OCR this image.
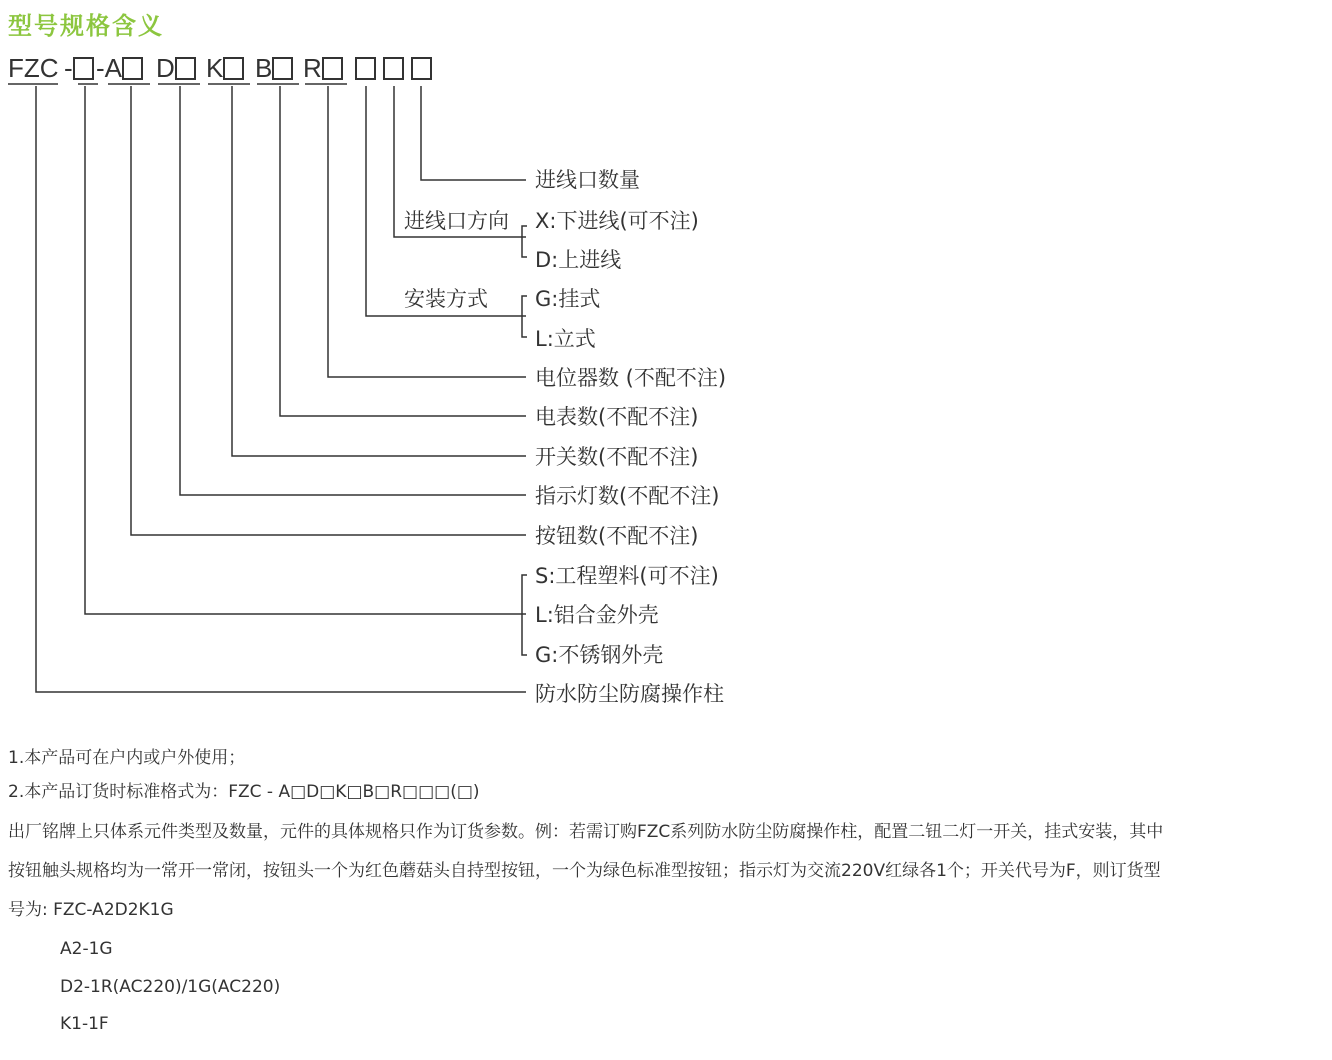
型号规格含义
FZC - -A	D	K	B	R
进线口数量
进线口方向 X:下进线(可不注)
D:上进线
安装方式 G:挂式
L:立式
电位器数 (不配不注)
电表数(不配不注)
开关数(不配不注)
指示灯数(不配不注)
按钮数(不配不注)
S:工程塑料(可不注)
L:铝合金外壳
G:不锈钢外壳
防水防尘防腐操作柱
1.本产品可在户内或户外使用；
2.本产品订货时标准格式为：FZC - A□D□K□B□R□□□(□)
出厂铭牌上只体系元件类型及数量，元件的具体规格只作为订货参数。例：若需订购FZC系列防水防尘防腐操作柱，配置二钮二灯一开关，挂式安装，其中
按钮触头规格均为一常开一常闭，按钮头一个为红色蘑菇头自持型按钮，一个为绿色标准型按钮；指示灯为交流220V红绿各1个；开关代号为F，则订货型
号为: FZC-A2D2K1G
A2-1G
D2-1R(AC220)/1G(AC220)
K1-1F
